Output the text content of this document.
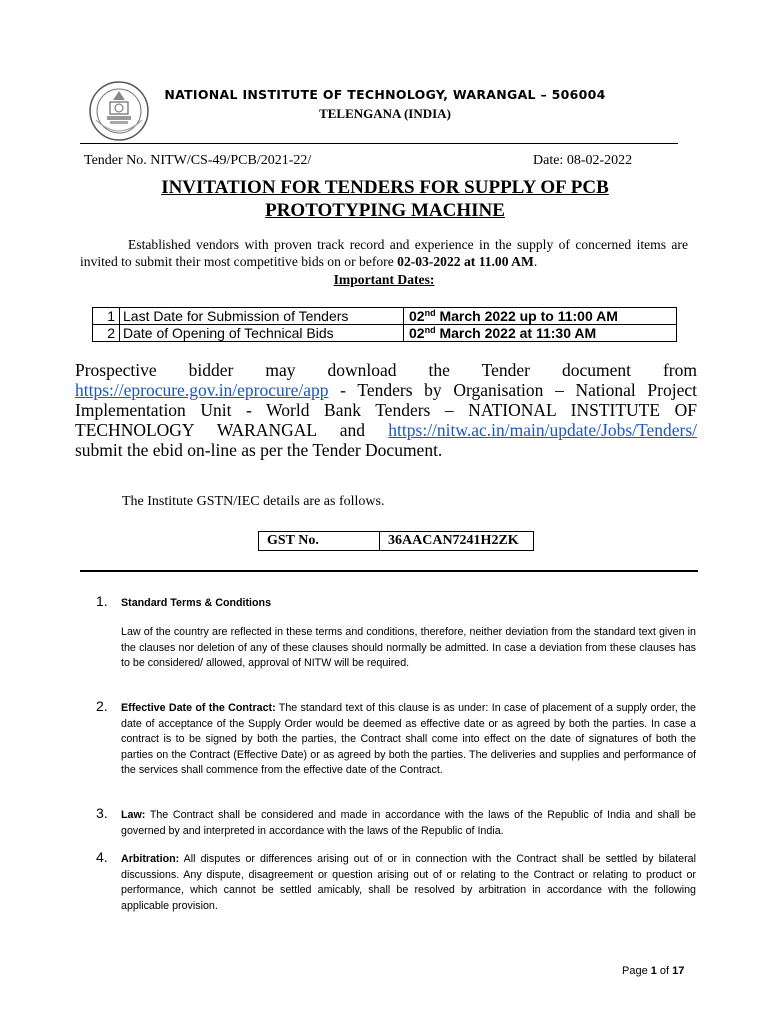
NATIONAL INSTITUTE OF TECHNOLOGY, WARANGAL – 506004
TELENGANA (INDIA)
Tender No. NITW/CS-49/PCB/2021-22/	Date: 08-02-2022
INVITATION FOR TENDERS FOR SUPPLY OF PCB
PROTOTYPING MACHINE
Established vendors with proven track record and experience in the supply of concerned items are invited to submit their most competitive bids on or before 02-03-2022 at 11.00 AM.
Important Dates:
1	Last Date for Submission of Tenders	02nd March 2022 up to 11:00 AM
2	Date of Opening of Technical Bids	02nd March 2022 at 11:30 AM
Prospective bidder may download the Tender document from
https://eprocure.gov.in/eprocure/app - Tenders by Organisation – National Project
Implementation Unit - World Bank Tenders – NATIONAL INSTITUTE OF
TECHNOLOGY WARANGAL and https://nitw.ac.in/main/update/Jobs/Tenders/
submit the ebid on-line as per the Tender Document.
The Institute GSTN/IEC details are as follows.
GST No.	36AACAN7241H2ZK
1. Standard Terms & Conditions
Law of the country are reflected in these terms and conditions, therefore, neither deviation from the standard text given in the clauses nor deletion of any of these clauses should normally be admitted. In case a deviation from these clauses has to be considered/ allowed, approval of NITW will be required.
2. Effective Date of the Contract: The standard text of this clause is as under: In case of placement of a supply order, the date of acceptance of the Supply Order would be deemed as effective date or as agreed by both the parties. In case a contract is to be signed by both the parties, the Contract shall come into effect on the date of signatures of both the parties on the Contract (Effective Date) or as agreed by both the parties. The deliveries and supplies and performance of the services shall commence from the effective date of the Contract.
3. Law: The Contract shall be considered and made in accordance with the laws of the Republic of India and shall be governed by and interpreted in accordance with the laws of the Republic of India.
4. Arbitration: All disputes or differences arising out of or in connection with the Contract shall be settled by bilateral discussions. Any dispute, disagreement or question arising out of or relating to the Contract or relating to product or performance, which cannot be settled amicably, shall be resolved by arbitration in accordance with the following applicable provision.
Page 1 of 17
